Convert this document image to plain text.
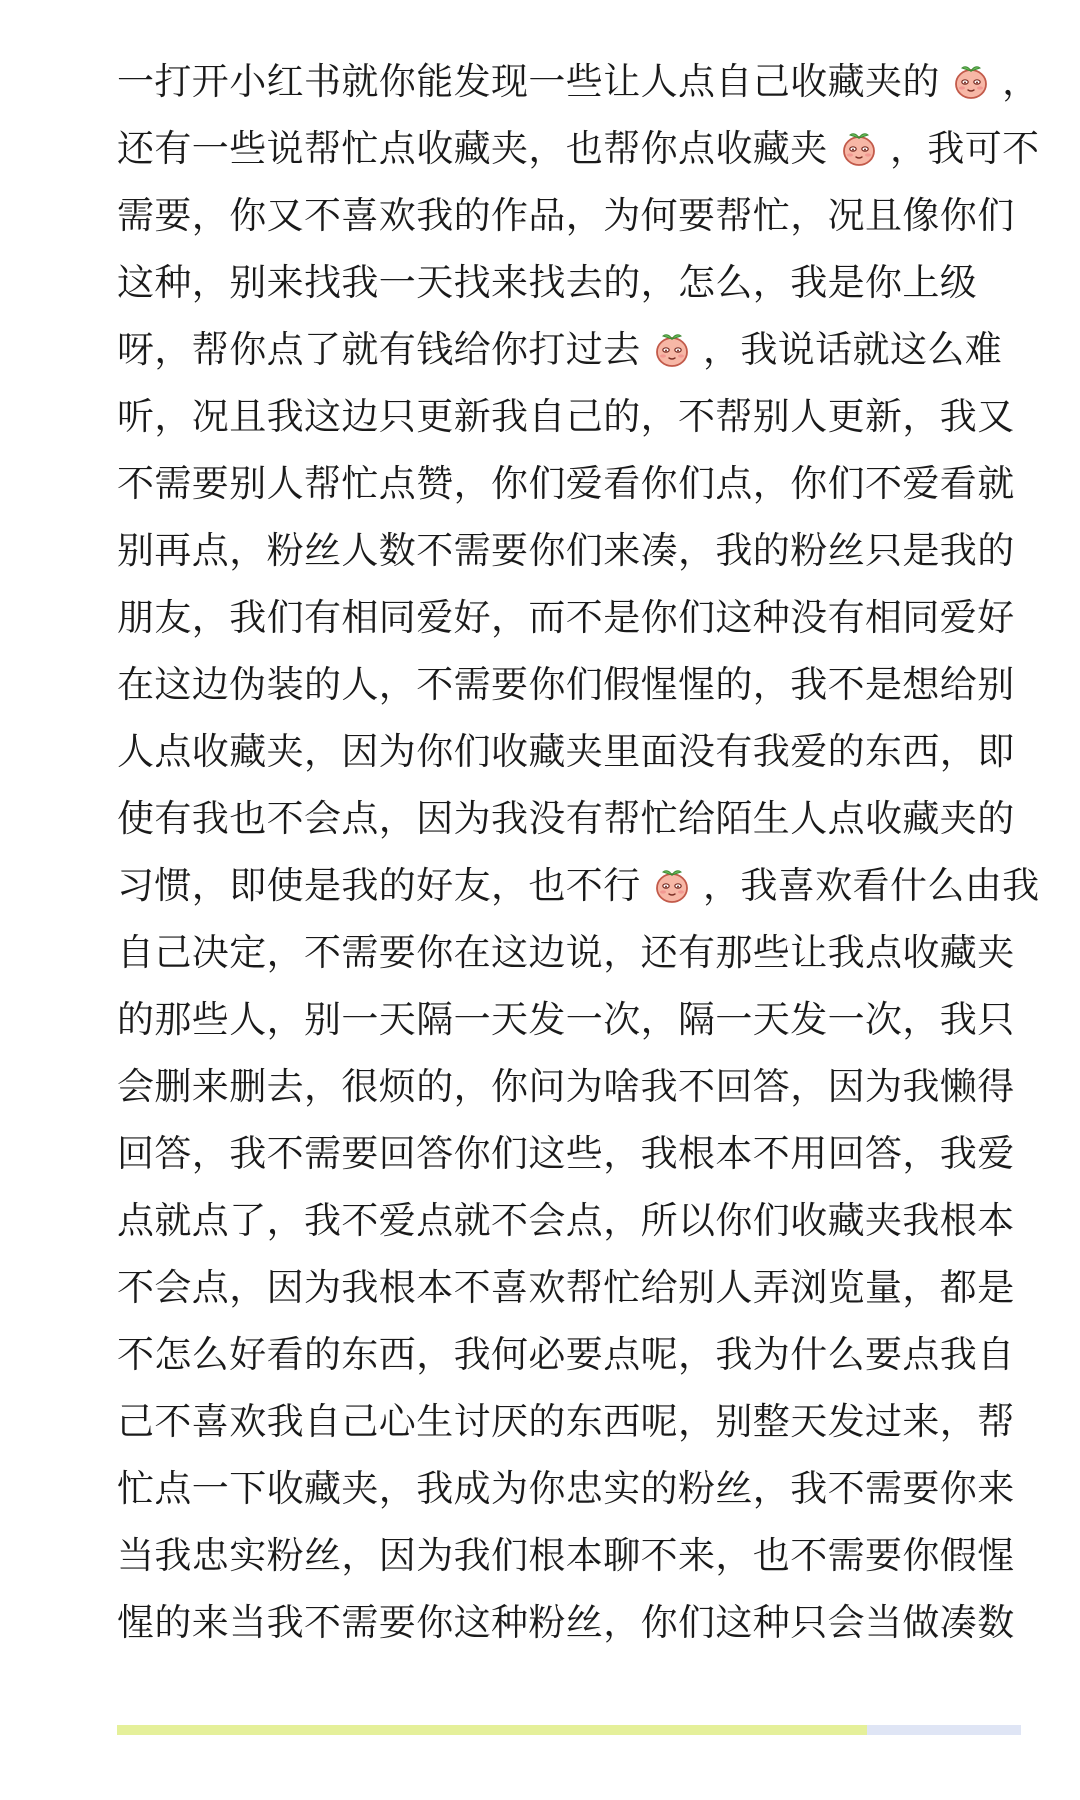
一打开小红书就你能发现一些让人点自己收藏夹的 ，
还有一些说帮忙点收藏夹，也帮你点收藏夹 ，我可不
需要，你又不喜欢我的作品，为何要帮忙，况且像你们
这种，别来找我一天找来找去的，怎么，我是你上级
呀，帮你点了就有钱给你打过去 ，我说话就这么难
听，况且我这边只更新我自己的，不帮别人更新，我又
不需要别人帮忙点赞，你们爱看你们点，你们不爱看就
别再点，粉丝人数不需要你们来凑，我的粉丝只是我的
朋友，我们有相同爱好，而不是你们这种没有相同爱好
在这边伪装的人，不需要你们假惺惺的，我不是想给别
人点收藏夹，因为你们收藏夹里面没有我爱的东西，即
使有我也不会点，因为我没有帮忙给陌生人点收藏夹的
习惯，即使是我的好友，也不行 ，我喜欢看什么由我
自己决定，不需要你在这边说，还有那些让我点收藏夹
的那些人，别一天隔一天发一次，隔一天发一次，我只
会删来删去，很烦的，你问为啥我不回答，因为我懒得
回答，我不需要回答你们这些，我根本不用回答，我爱
点就点了，我不爱点就不会点，所以你们收藏夹我根本
不会点，因为我根本不喜欢帮忙给别人弄浏览量，都是
不怎么好看的东西，我何必要点呢，我为什么要点我自
己不喜欢我自己心生讨厌的东西呢，别整天发过来，帮
忙点一下收藏夹，我成为你忠实的粉丝，我不需要你来
当我忠实粉丝，因为我们根本聊不来，也不需要你假惺
惺的来当我不需要你这种粉丝，你们这种只会当做凑数
